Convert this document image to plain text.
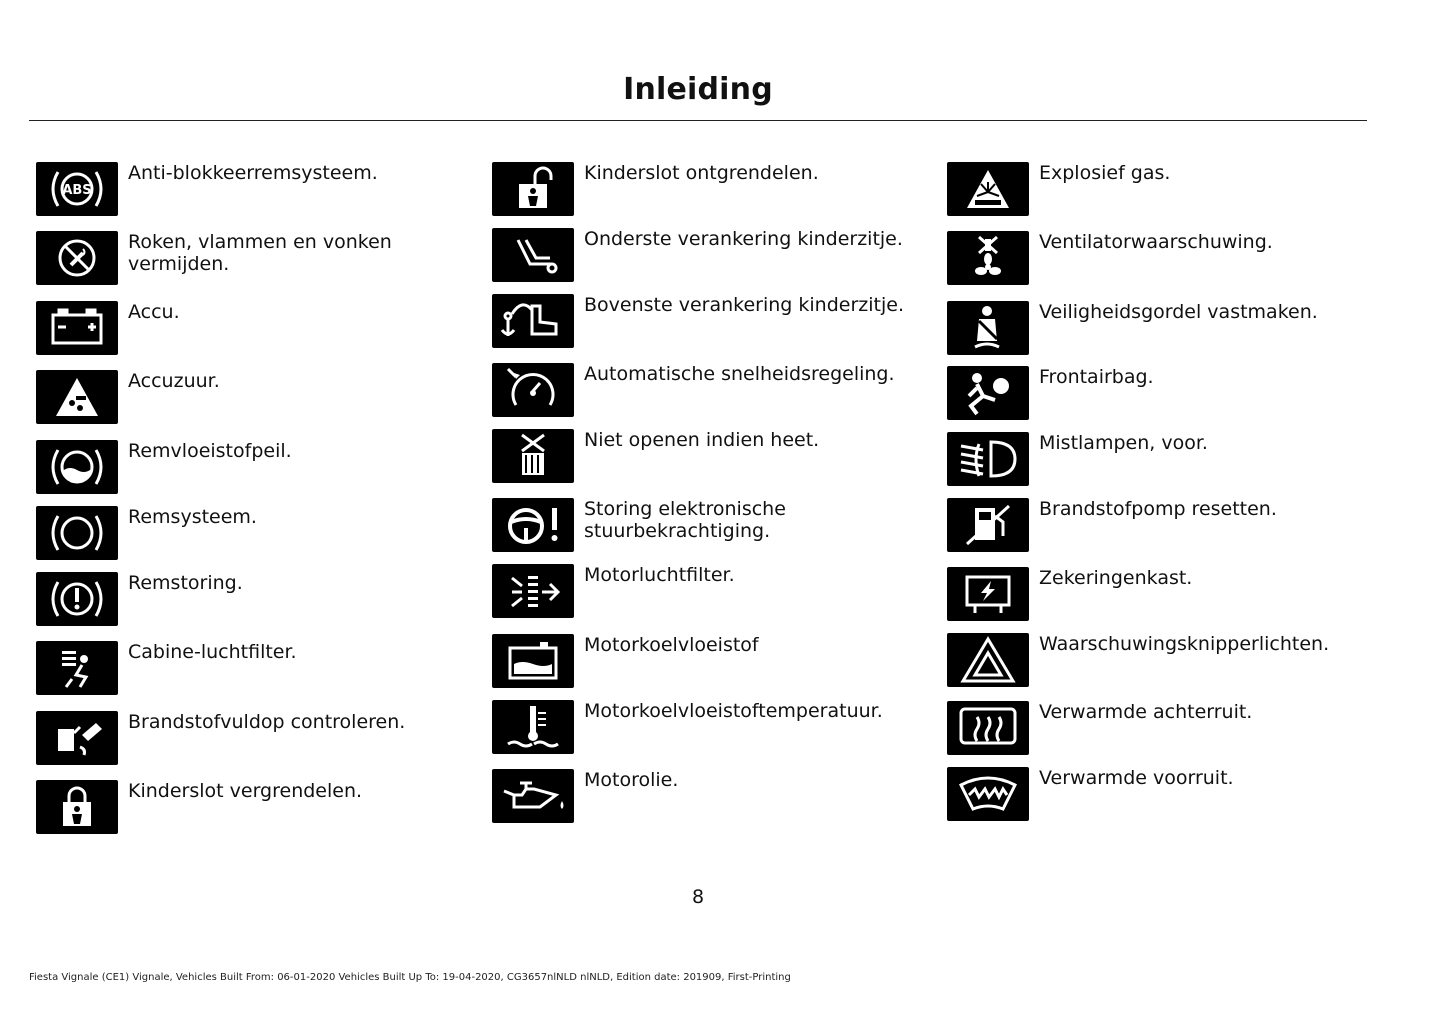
Inleiding
ABS
Anti-blokkeerremsysteem.
Roken, vlammen en vonken vermijden.
Accu.
Accuzuur.
Remvloeistofpeil.
Remsysteem.
Remstoring.
Cabine-luchtfilter.
Brandstofvuldop controleren.
Kinderslot vergrendelen.
Kinderslot ontgrendelen.
Onderste verankering kinderzitje.
Bovenste verankering kinderzitje.
Automatische snelheidsregeling.
Niet openen indien heet.
Storing elektronische stuurbekrachtiging.
Motorluchtfilter.
Motorkoelvloeistof
Motorkoelvloeistoftemperatuur.
Motorolie.
Explosief gas.
Ventilatorwaarschuwing.
Veiligheidsgordel vastmaken.
Frontairbag.
Mistlampen, voor.
Brandstofpomp resetten.
Zekeringenkast.
Waarschuwingsknipperlichten.
Verwarmde achterruit.
Verwarmde voorruit.
8
Fiesta Vignale (CE1) Vignale, Vehicles Built From: 06-01-2020 Vehicles Built Up To: 19-04-2020, CG3657nlNLD nlNLD, Edition date: 201909, First-Printing
